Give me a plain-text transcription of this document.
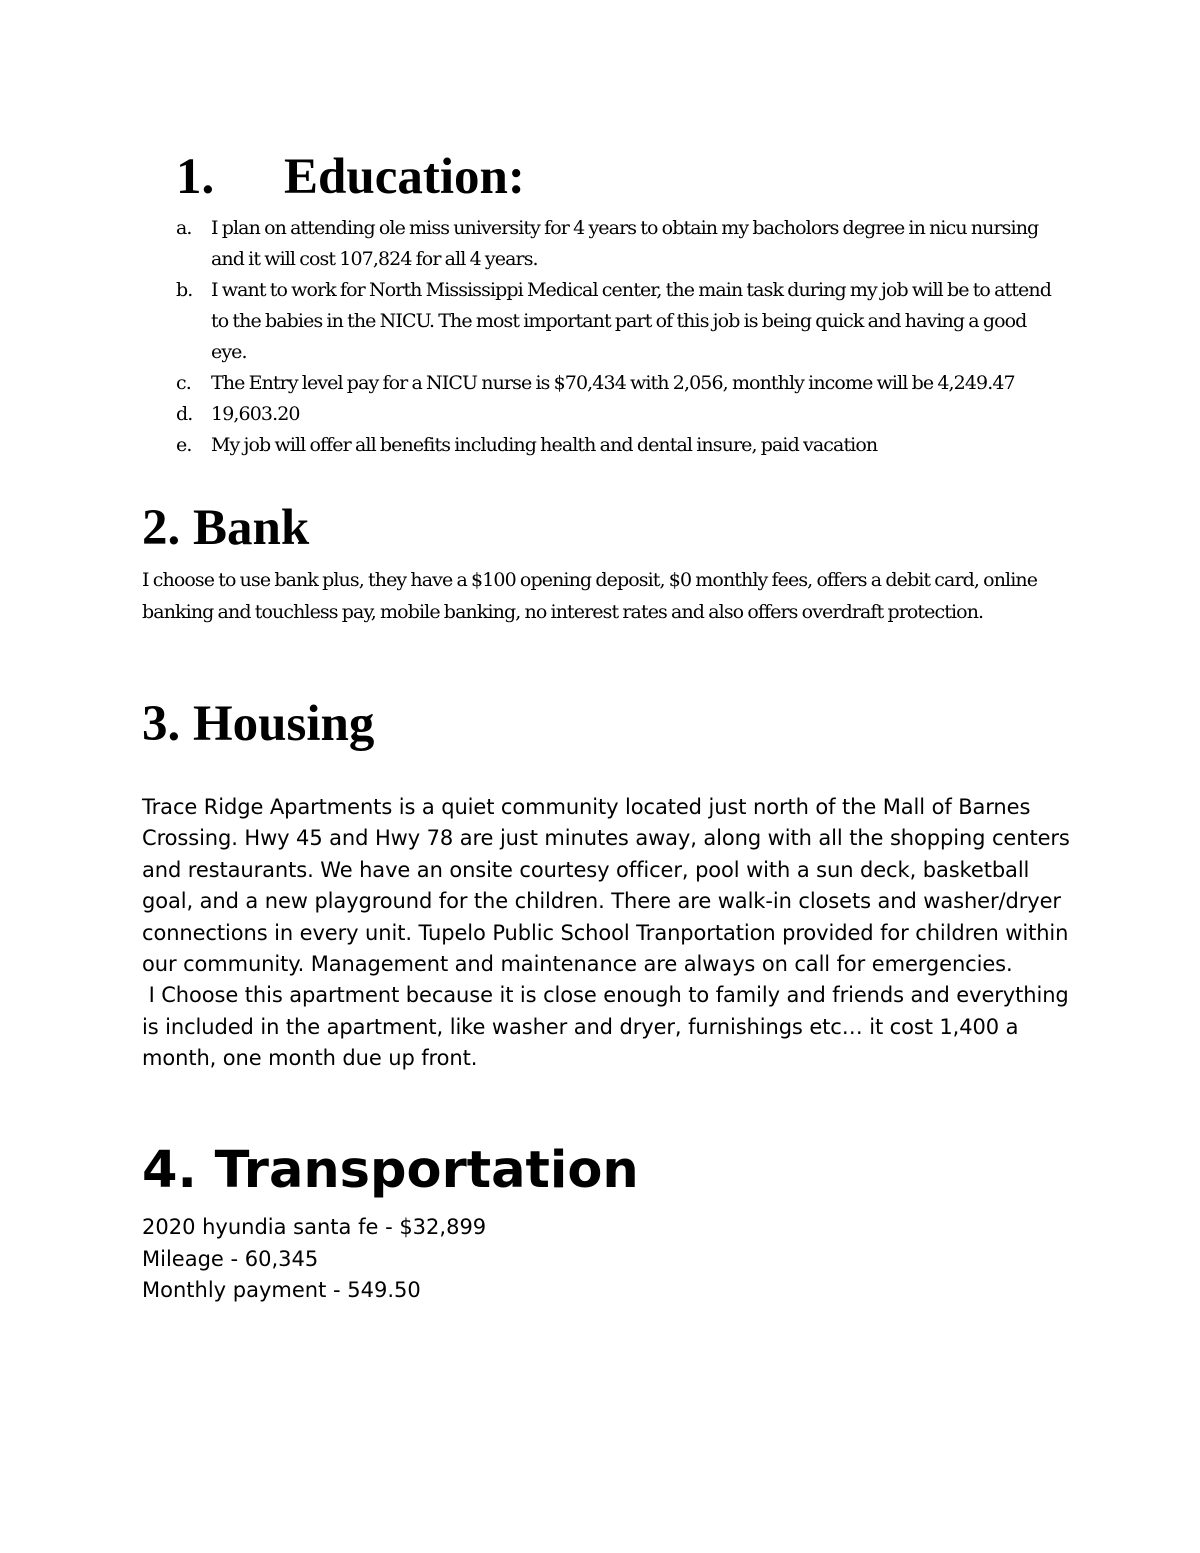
1. Education:
a. I plan on attending ole miss university for 4 years to obtain my bacholors degree in nicu nursing and it will cost 107,824 for all 4 years.
b. I want to work for North Mississippi Medical center, the main task during my job will be to attend to the babies in the NICU. The most important part of this job is being quick and having a good eye.
c. The Entry level pay for a NICU nurse is $70,434 with 2,056, monthly income will be 4,249.47
d. 19,603.20
e. My job will offer all benefits including health and dental insure, paid vacation
2. Bank
I choose to use bank plus, they have a $100 opening deposit, $0 monthly fees, offers a debit card, online banking and touchless pay, mobile banking, no interest rates and also offers overdraft protection.
3. Housing

Trace Ridge Apartments is a quiet community located just north of the Mall of Barnes Crossing. Hwy 45 and Hwy 78 are just minutes away, along with all the shopping centers and restaurants. We have an onsite courtesy officer, pool with a sun deck, basketball goal, and a new playground for the children. There are walk-in closets and washer/dryer connections in every unit. Tupelo Public School Tranportation provided for children within our community. Management and maintenance are always on call for emergencies.

I Choose this apartment because it is close enough to family and friends and everything is included in the apartment, like washer and dryer, furnishings etc… it cost 1,400 a month, one month due up front.

4. Transportation
2020 hyundia santa fe - $32,899
Mileage - 60,345
Monthly payment - 549.50
